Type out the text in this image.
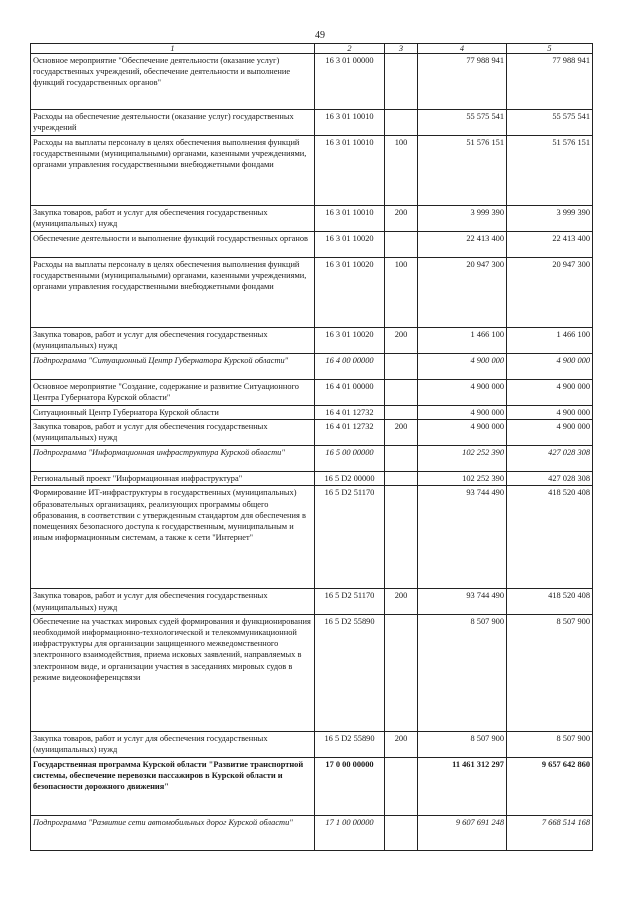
49
1	2	3	4	5
Основное мероприятие "Обеспечение деятельности (оказание услуг) государственных учреждений, обеспечение деятельности и выполнение функций государственных органов"	16 3 01 00000		77 988 941	77 988 941
Расходы на обеспечение деятельности (оказание услуг) государственных учреждений	16 3 01 10010		55 575 541	55 575 541
Расходы на выплаты персоналу в целях обеспечения выполнения функций государственными (муниципальными) органами, казенными учреждениями, органами управления государственными внебюджетными фондами	16 3 01 10010	100	51 576 151	51 576 151
Закупка товаров, работ и услуг для обеспечения государственных (муниципальных) нужд	16 3 01 10010	200	3 999 390	3 999 390
Обеспечение деятельности и выполнение функций государственных органов	16 3 01 10020		22 413 400	22 413 400
Расходы на выплаты персоналу в целях обеспечения выполнения функций государственными (муниципальными) органами, казенными учреждениями, органами управления государственными внебюджетными фондами	16 3 01 10020	100	20 947 300	20 947 300
Закупка товаров, работ и услуг для обеспечения государственных (муниципальных) нужд	16 3 01 10020	200	1 466 100	1 466 100
Подпрограмма "Ситуационный Центр Губернатора Курской области"	16 4 00 00000		4 900 000	4 900 000
Основное мероприятие "Создание, содержание и развитие Ситуационного Центра Губернатора Курской области"	16 4 01 00000		4 900 000	4 900 000
Ситуационный Центр Губернатора Курской области	16 4 01 12732		4 900 000	4 900 000
Закупка товаров, работ и услуг для обеспечения государственных (муниципальных) нужд	16 4 01 12732	200	4 900 000	4 900 000
Подпрограмма "Информационная инфраструктура Курской области"	16 5 00 00000		102 252 390	427 028 308
Региональный проект "Информационная инфраструктура"	16 5 D2 00000		102 252 390	427 028 308
Формирование ИТ-инфраструктуры в государственных (муниципальных) образовательных организациях, реализующих программы общего образования, в соответствии с утвержденным стандартом для обеспечения в помещениях безопасного доступа к государственным, муниципальным и иным информационным системам, а также к сети "Интернет"	16 5 D2 51170		93 744 490	418 520 408
Закупка товаров, работ и услуг для обеспечения государственных (муниципальных) нужд	16 5 D2 51170	200	93 744 490	418 520 408
Обеспечение на участках мировых судей формирования и функционирования необходимой информационно-технологической и телекоммуникационной инфраструктуры для организации защищенного межведомственного электронного взаимодействия, приема исковых заявлений, направляемых в электронном виде, и организации участия в заседаниях мировых судов в режиме видеоконференцсвязи	16 5 D2 55890		8 507 900	8 507 900
Закупка товаров, работ и услуг для обеспечения государственных (муниципальных) нужд	16 5 D2 55890	200	8 507 900	8 507 900
Государственная программа Курской области "Развитие транспортной системы, обеспечение перевозки пассажиров в Курской области и безопасности дорожного движения"	17 0 00 00000		11 461 312 297	9 657 642 860
Подпрограмма "Развитие сети автомобильных дорог Курской области"	17 1 00 00000		9 607 691 248	7 668 514 168
